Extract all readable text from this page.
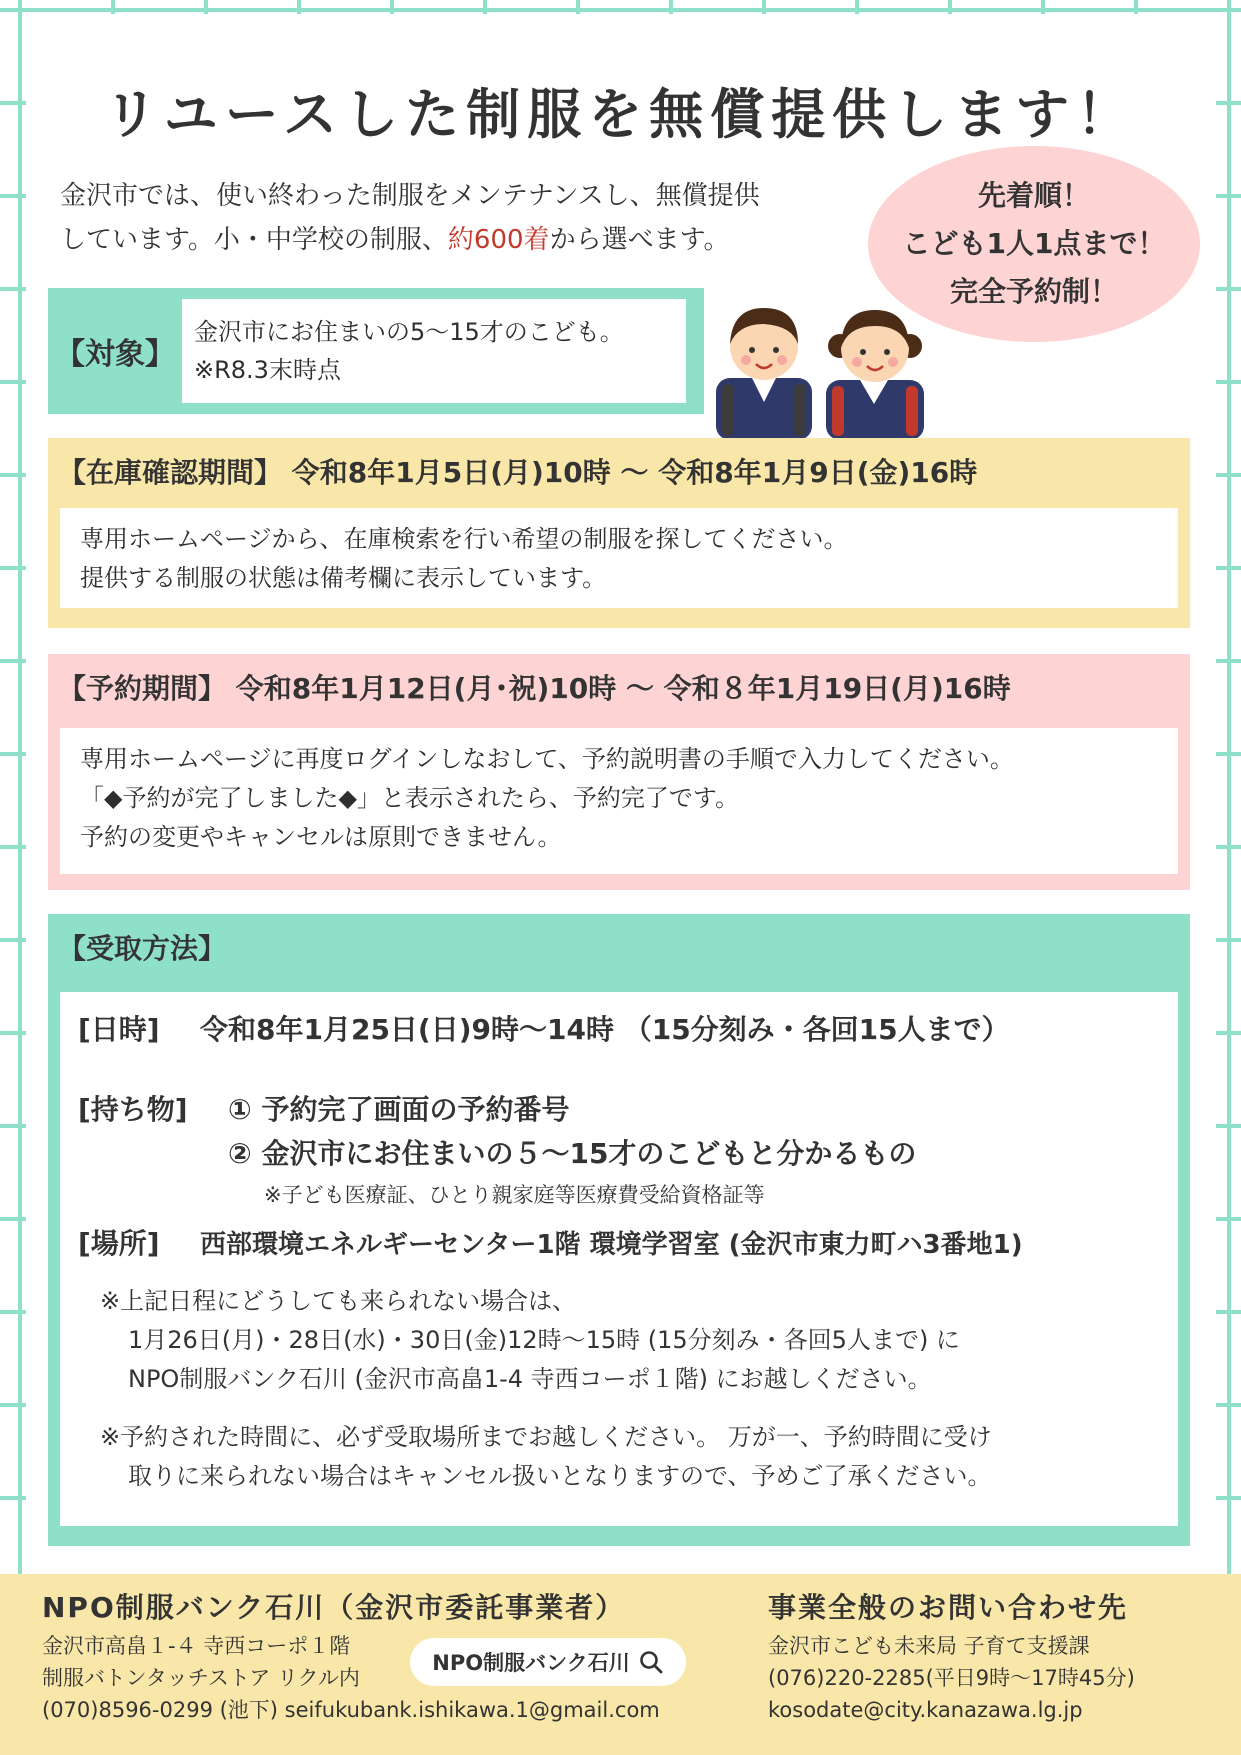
リユースした制服を無償提供します！
金沢市では、使い終わった制服をメンテナンスし、無償提供
しています。小・中学校の制服、約600着から選べます。
先着順！
こども1人1点まで！
完全予約制！
【対象】
金沢市にお住まいの5～15才のこども。
※R8.3末時点
【在庫確認期間】 令和8年1月5日(月)10時 ～ 令和8年1月9日(金)16時
専用ホームページから、在庫検索を行い希望の制服を探してください。
提供する制服の状態は備考欄に表示しています。
【予約期間】 令和8年1月12日(月･祝)10時 ～ 令和８年1月19日(月)16時
専用ホームページに再度ログインしなおして、予約説明書の手順で入力してください。
「◆予約が完了しました◆」と表示されたら、予約完了です。
予約の変更やキャンセルは原則できません。
【受取方法】
[日時] 令和8年1月25日(日)9時～14時 （15分刻み・各回15人まで）
[持ち物] ① 予約完了画面の予約番号
② 金沢市にお住まいの５～15才のこどもと分かるもの
※子ども医療証、ひとり親家庭等医療費受給資格証等
[場所] 西部環境エネルギーセンター1階 環境学習室 (金沢市東力町ハ3番地1)
※上記日程にどうしても来られない場合は、
1月26日(月)・28日(水)・30日(金)12時～15時 (15分刻み・各回5人まで) に
NPO制服バンク石川 (金沢市高畠1-4 寺西コーポ１階) にお越しください。
※予約された時間に、必ず受取場所までお越しください。 万が一、予約時間に受け
取りに来られない場合はキャンセル扱いとなりますので、予めご了承ください。
NPO制服バンク石川（金沢市委託事業者）
金沢市高畠１-４ 寺西コーポ１階
制服バトンタッチストア リクル内
(070)8596-0299 (池下) seifukubank.ishikawa.1@gmail.com
NPO制服バンク石川
事業全般のお問い合わせ先
金沢市こども未来局 子育て支援課
(076)220-2285(平日9時～17時45分)
kosodate@city.kanazawa.lg.jp
